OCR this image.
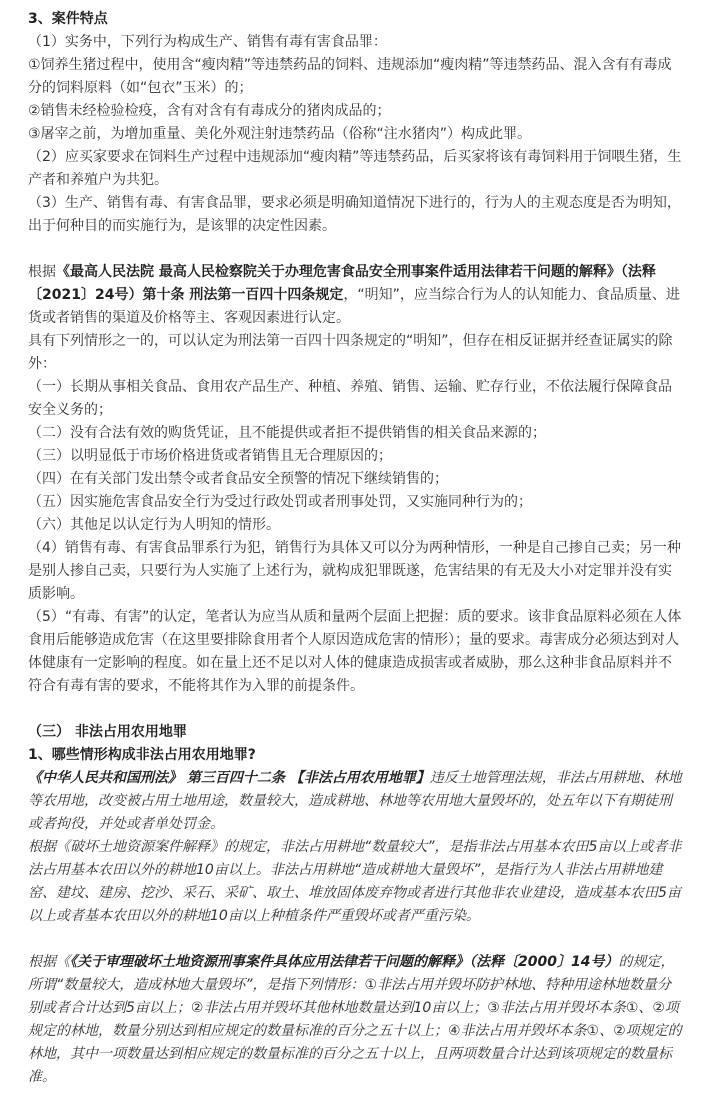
3、案件特点

（1）实务中，下列行为构成生产、销售有毒有害食品罪：

①饲养生猪过程中，使用含“瘦肉精”等违禁药品的饲料、违规添加“瘦肉精”等违禁药品、混入含有有毒成分的饲料原料（如“包衣”玉米）的；

②销售未经检验检疫，含有对含有有毒成分的猪肉成品的；

③屠宰之前，为增加重量、美化外观注射违禁药品（俗称“注水猪肉”）构成此罪。

（2）应买家要求在饲料生产过程中违规添加“瘦肉精”等违禁药品，后买家将该有毒饲料用于饲喂生猪，生产者和养殖户为共犯。

（3）生产、销售有毒、有害食品罪，要求必须是明确知道情况下进行的，行为人的主观态度是否为明知，出于何种目的而实施行为，是该罪的决定性因素。

根据《最高人民法院 最高人民检察院关于办理危害食品安全刑事案件适用法律若干问题的解释》（法释〔2021〕24号）第十条 刑法第一百四十四条规定，“明知”，应当综合行为人的认知能力、食品质量、进货或者销售的渠道及价格等主、客观因素进行认定。

具有下列情形之一的，可以认定为刑法第一百四十四条规定的“明知”，但存在相反证据并经查证属实的除外：

（一）长期从事相关食品、食用农产品生产、种植、养殖、销售、运输、贮存行业，不依法履行保障食品安全义务的；

（二）没有合法有效的购货凭证，且不能提供或者拒不提供销售的相关食品来源的；

（三）以明显低于市场价格进货或者销售且无合理原因的；

（四）在有关部门发出禁令或者食品安全预警的情况下继续销售的；

（五）因实施危害食品安全行为受过行政处罚或者刑事处罚，又实施同种行为的；

（六）其他足以认定行为人明知的情形。

（4）销售有毒、有害食品罪系行为犯，销售行为具体又可以分为两种情形，一种是自己掺自己卖；另一种是别人掺自己卖，只要行为人实施了上述行为，就构成犯罪既遂，危害结果的有无及大小对定罪并没有实质影响。

（5）“有毒、有害”的认定，笔者认为应当从质和量两个层面上把握：质的要求。该非食品原料必须在人体食用后能够造成危害（在这里要排除食用者个人原因造成危害的情形）；量的要求。毒害成分必须达到对人体健康有一定影响的程度。如在量上还不足以对人体的健康造成损害或者威胁，那么这种非食品原料并不符合有毒有害的要求，不能将其作为入罪的前提条件。

（三） 非法占用农用地罪

1、哪些情形构成非法占用农用地罪?

《中华人民共和国刑法》 第三百四十二条 【非法占用农用地罪】违反土地管理法规，非法占用耕地、林地等农用地，改变被占用土地用途，数量较大，造成耕地、林地等农用地大量毁坏的，处五年以下有期徒刑或者拘役，并处或者单处罚金。

根据《破坏土地资源案件解释》的规定，非法占用耕地“数量较大”，是指非法占用基本农田5亩以上或者非法占用基本农田以外的耕地10亩以上。非法占用耕地“造成耕地大量毁坏”，是指行为人非法占用耕地建窑、建坟、建房、挖沙、采石、采矿、取土、堆放固体废弃物或者进行其他非农业建设，造成基本农田5亩以上或者基本农田以外的耕地10亩以上种植条件严重毁坏或者严重污染。

根据《《关于审理破坏土地资源刑事案件具体应用法律若干问题的解释》（法释〔2000〕14号）的规定，所谓“数量较大，造成林地大量毁坏”，是指下列情形：①非法占用并毁坏防护林地、特种用途林地数量分别或者合计达到5亩以上；②非法占用并毁坏其他林地数量达到10亩以上；③非法占用并毁坏本条①、②项规定的林地，数量分别达到相应规定的数量标准的百分之五十以上；④非法占用并毁坏本条①、②项规定的林地，其中一项数量达到相应规定的数量标准的百分之五十以上，且两项数量合计达到该项规定的数量标准。
